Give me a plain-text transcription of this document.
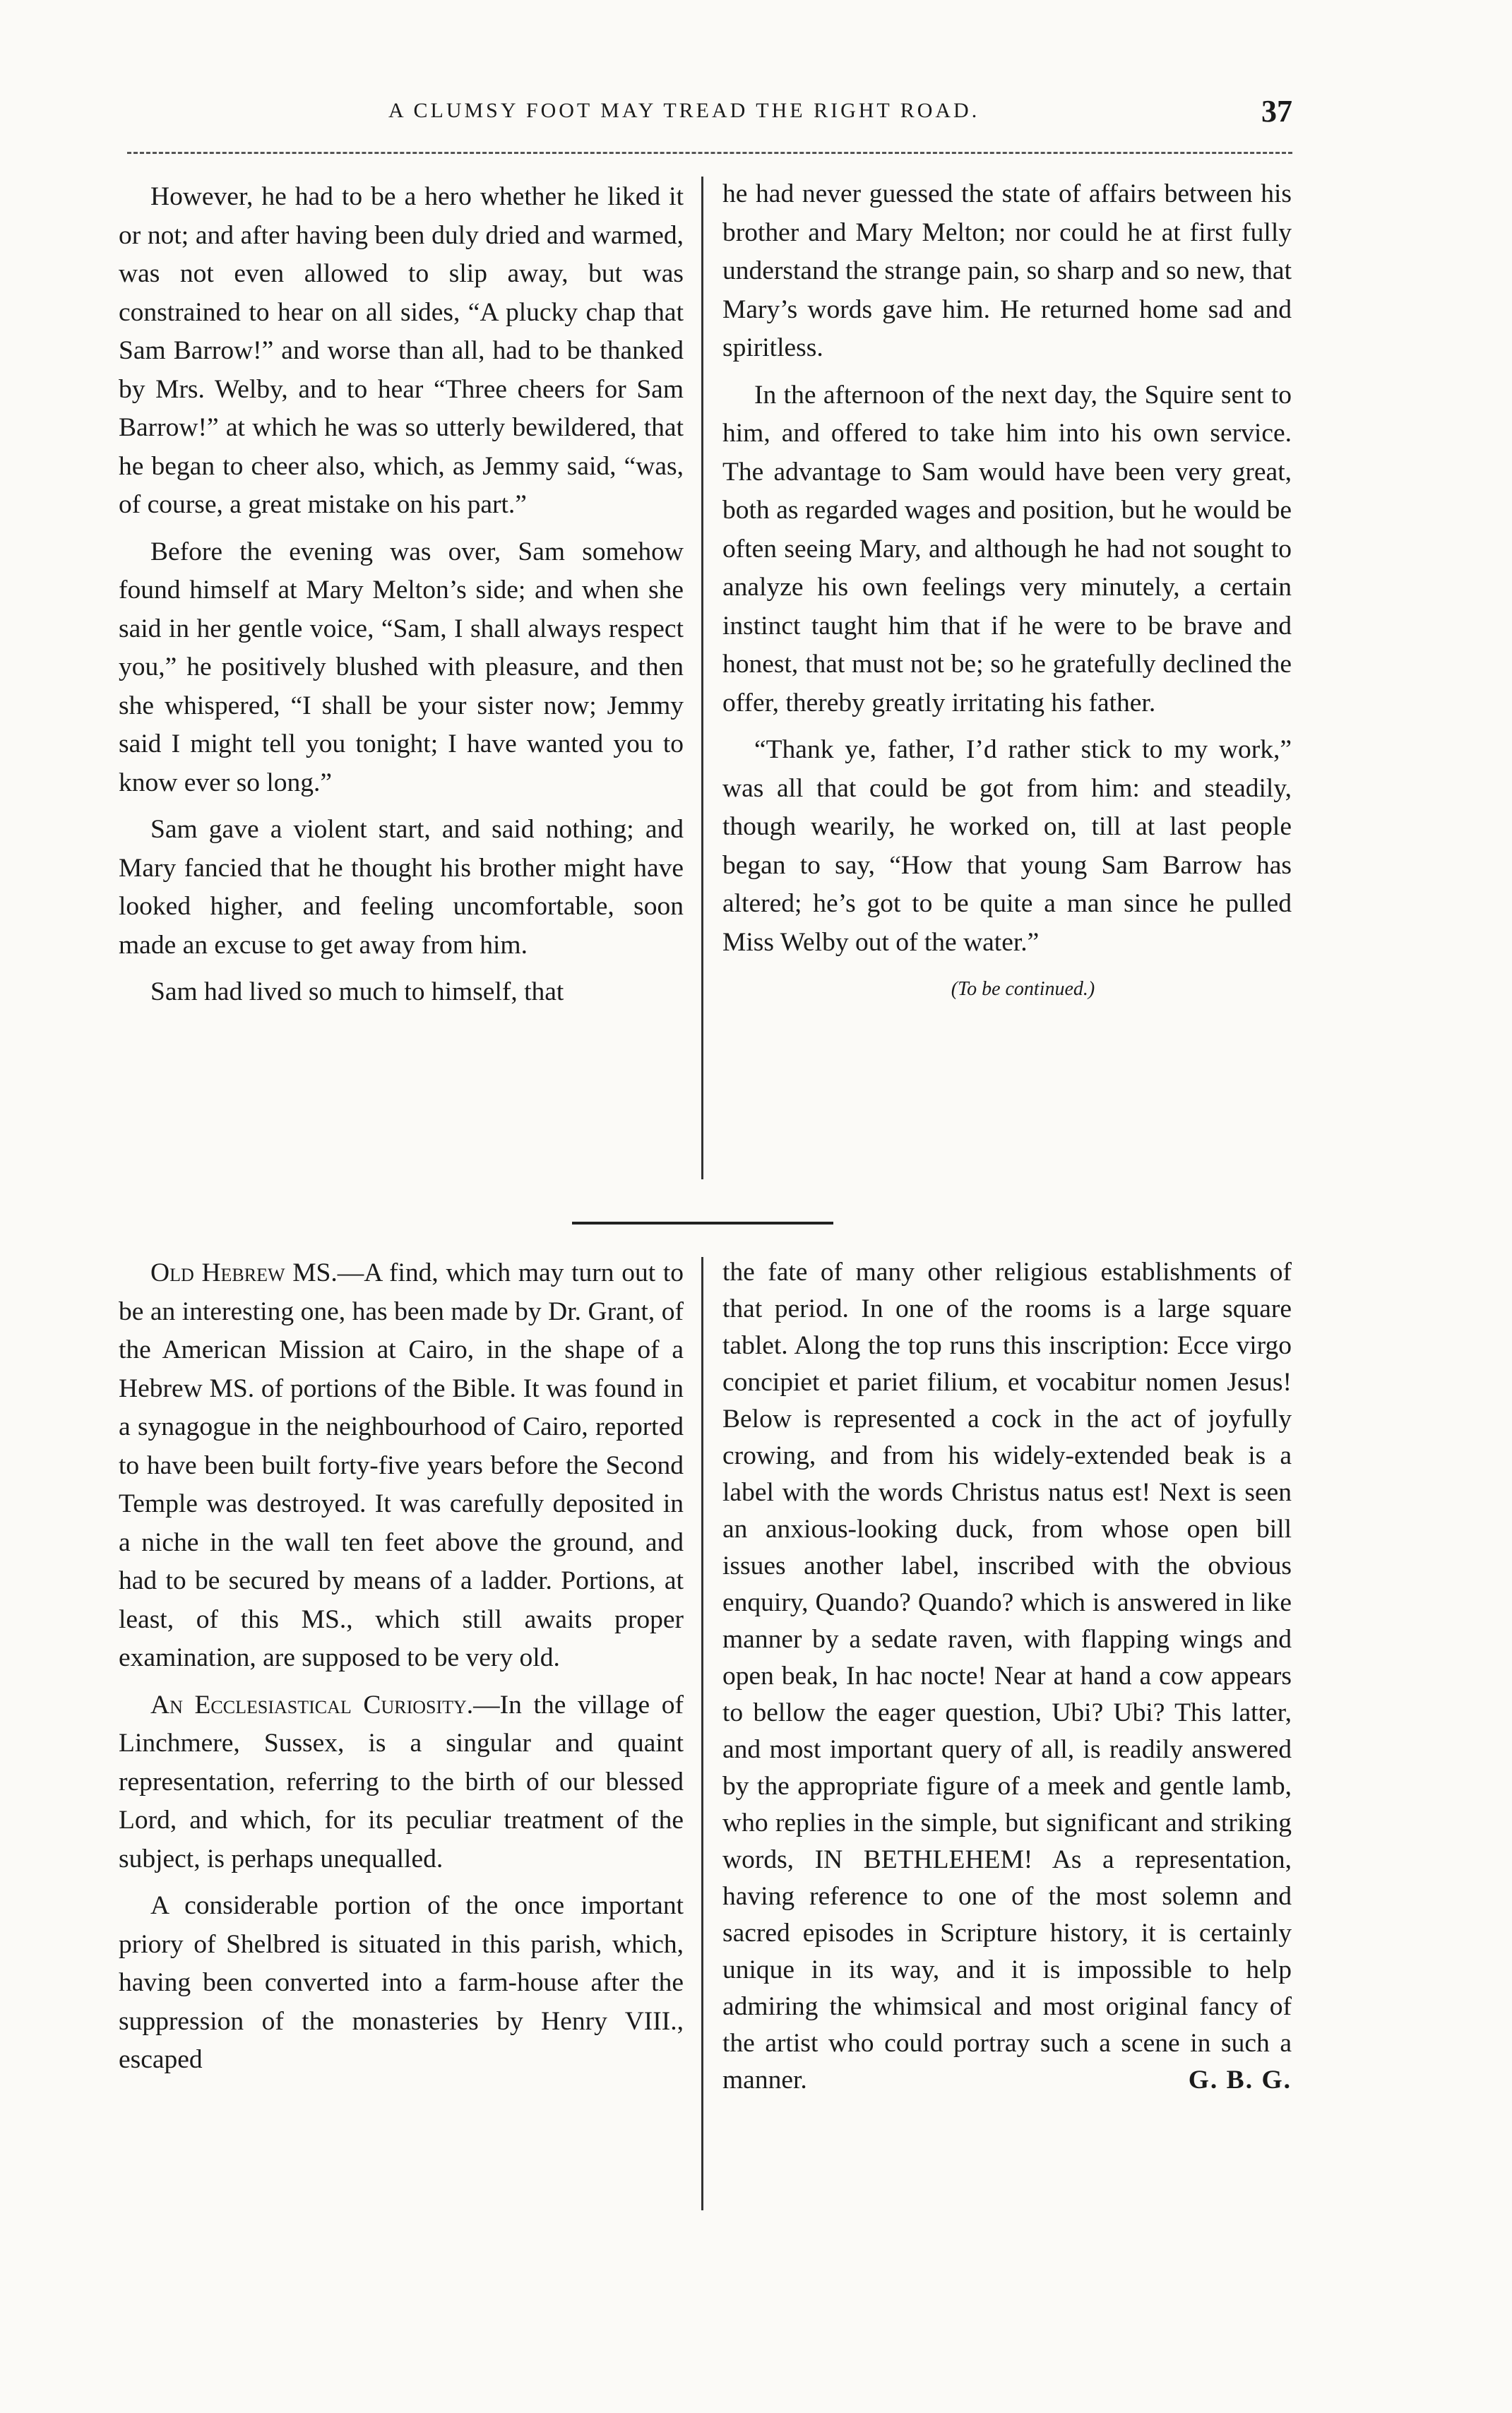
A CLUMSY FOOT MAY TREAD THE RIGHT ROAD.	37

However, he had to be a hero whether he liked it or not; and after having been duly dried and warmed, was not even allowed to slip away, but was constrained to hear on all sides, “A plucky chap that Sam Barrow!” and worse than all, had to be thanked by Mrs. Welby, and to hear “Three cheers for Sam Barrow!” at which he was so utterly bewildered, that he began to cheer also, which, as Jemmy said, “was, of course, a great mistake on his part.”

Before the evening was over, Sam somehow found himself at Mary Melton’s side; and when she said in her gentle voice, “Sam, I shall always respect you,” he positively blushed with pleasure, and then she whispered, “I shall be your sister now; Jemmy said I might tell you tonight; I have wanted you to know ever so long.”

Sam gave a violent start, and said nothing; and Mary fancied that he thought his brother might have looked higher, and feeling uncomfortable, soon made an excuse to get away from him.

Sam had lived so much to himself, that

he had never guessed the state of affairs between his brother and Mary Melton; nor could he at first fully understand the strange pain, so sharp and so new, that Mary’s words gave him. He returned home sad and spiritless.

In the afternoon of the next day, the Squire sent to him, and offered to take him into his own service. The advantage to Sam would have been very great, both as regarded wages and position, but he would be often seeing Mary, and although he had not sought to analyze his own feelings very minutely, a certain instinct taught him that if he were to be brave and honest, that must not be; so he gratefully declined the offer, thereby greatly irritating his father.

“Thank ye, father, I’d rather stick to my work,” was all that could be got from him: and steadily, though wearily, he worked on, till at last people began to say, “How that young Sam Barrow has altered; he’s got to be quite a man since he pulled Miss Welby out of the water.”

(To be continued.)

Old Hebrew MS.—A find, which may turn out to be an interesting one, has been made by Dr. Grant, of the American Mission at Cairo, in the shape of a Hebrew MS. of portions of the Bible. It was found in a synagogue in the neighbourhood of Cairo, reported to have been built forty-five years before the Second Temple was destroyed. It was carefully deposited in a niche in the wall ten feet above the ground, and had to be secured by means of a ladder. Portions, at least, of this MS., which still awaits proper examination, are supposed to be very old.

An Ecclesiastical Curiosity.—In the village of Linchmere, Sussex, is a singular and quaint representation, referring to the birth of our blessed Lord, and which, for its peculiar treatment of the subject, is perhaps unequalled.

A considerable portion of the once important priory of Shelbred is situated in this parish, which, having been converted into a farm-house after the suppression of the monasteries by Henry VIII., escaped

the fate of many other religious establishments of that period. In one of the rooms is a large square tablet. Along the top runs this inscription: Ecce virgo concipiet et pariet filium, et vocabitur nomen Jesus! Below is represented a cock in the act of joyfully crowing, and from his widely-extended beak is a label with the words Christus natus est! Next is seen an anxious-looking duck, from whose open bill issues another label, inscribed with the obvious enquiry, Quando? Quando? which is answered in like manner by a sedate raven, with flapping wings and open beak, In hac nocte! Near at hand a cow appears to bellow the eager question, Ubi? Ubi? This latter, and most important query of all, is readily answered by the appropriate figure of a meek and gentle lamb, who replies in the simple, but significant and striking words, IN BETHLEHEM! As a representation, having reference to one of the most solemn and sacred episodes in Scripture history, it is certainly unique in its way, and it is impossible to help admiring the whimsical and most original fancy of the artist who could portray such a scene in such a manner.	G. B. G.
